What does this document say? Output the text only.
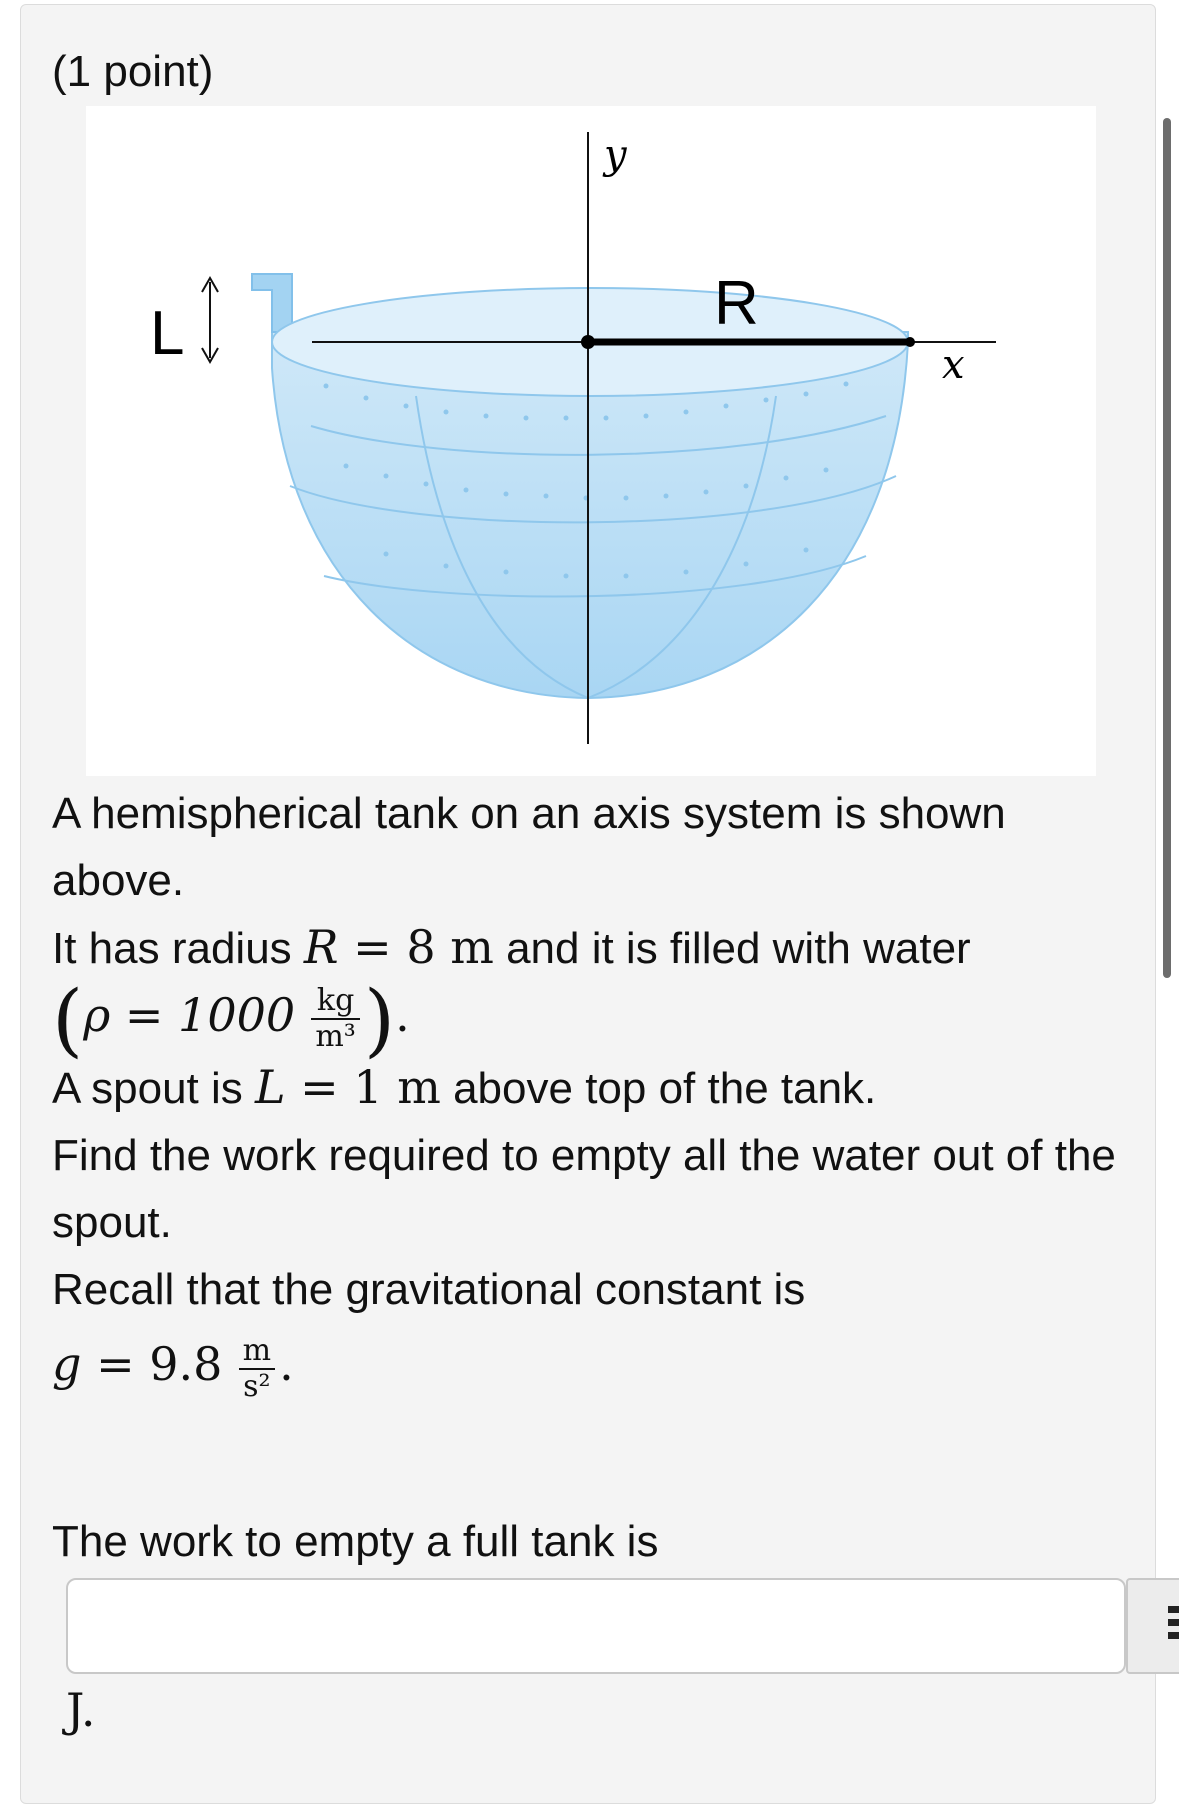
(1 point)
y
x
R
L

A hemispherical tank on an axis system is shown above.

It has radius R = 8 m and it is filled with water

($\rho = 1000 \frac{kg}{\text{m³}}$ ).

A spout is L = 1 m above top of the tank.

Find the work required to empty all the water out of the spout.

Recall that the gravitational constant is

$g = 9.8 \frac{m}{\text{s²}}$ .

The work to empty a full tank is
J.
